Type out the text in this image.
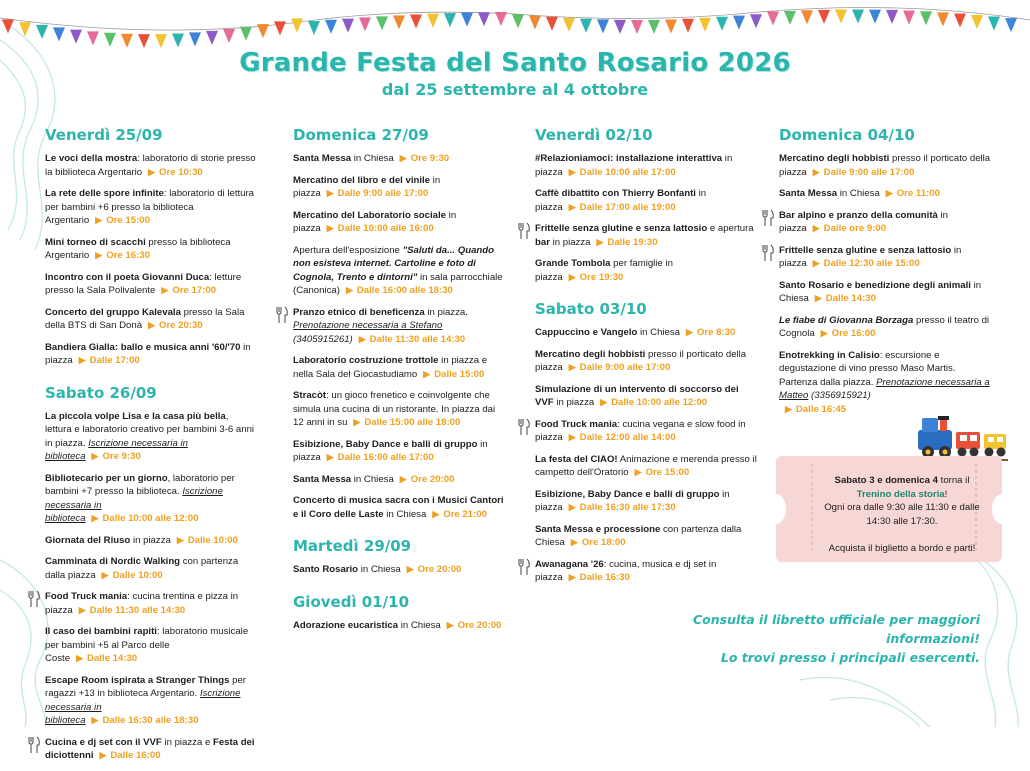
Grande Festa del Santo Rosario 2026
dal 25 settembre al 4 ottobre
Venerdì 25/09
Le voci della mostra: laboratorio di storie presso la biblioteca Argentario ▶ Ore 10:30
La rete delle spore infinite: laboratorio di lettura per bambini +6 presso la biblioteca Argentario ▶ Ore 15:00
Mini torneo di scacchi presso la biblioteca Argentario ▶ Ore 16:30
Incontro con il poeta Giovanni Duca: letture presso la Sala Polivalente ▶ Ore 17:00
Concerto del gruppo Kalevala presso la Sala della BTS di San Donà ▶ Ore 20:30
Bandiera Gialla: ballo e musica anni '60/'70 in piazza ▶ Dalle 17:00
Sabato 26/09
La piccola volpe Lisa e la casa più bella, lettura e laboratorio creativo per bambini 3-6 anni in piazza. Iscrizione necessaria in biblioteca ▶ Ore 9:30
Bibliotecario per un giorno, laboratorio per bambini +7 presso la biblioteca. Iscrizione necessaria in biblioteca ▶ Dalle 10:00 alle 12:00
Giornata del Riuso in piazza ▶ Dalle 10:00
Camminata di Nordic Walking con partenza dalla piazza ▶ Dalle 10:00
Food Truck mania: cucina trentina e pizza in piazza ▶ Dalle 11:30 alle 14:30
Il caso dei bambini rapiti: laboratorio musicale per bambini +5 al Parco delle Coste ▶ Dalle 14:30
Escape Room ispirata a Stranger Things per ragazzi +13 in biblioteca Argentario. Iscrizione necessaria in biblioteca ▶ Dalle 16:30 alle 18:30
Cucina e dj set con il VVF in piazza e Festa dei diciottenni ▶ Dalle 16:00
Domenica 27/09
Santa Messa in Chiesa ▶ Ore 9:30
Mercatino del libro e del vinile in piazza ▶ Dalle 9:00 alle 17:00
Mercatino del Laboratorio sociale in piazza ▶ Dalle 10:00 alle 16:00
Apertura dell'esposizione "Saluti da... Quando non esisteva internet. Cartoline e foto di Cognola, Trento e dintorni" in sala parrocchiale (Canonica) ▶ Dalle 16:00 alle 18:30
Pranzo etnico di beneficenza in piazza. Prenotazione necessaria a Stefano (3405915261) ▶ Dalle 11:30 alle 14:30
Laboratorio costruzione trottole in piazza e nella Sala del Giocastudiamo ▶ Dalle 15:00
Stracòt: un gioco frenetico e coinvolgente che simula una cucina di un ristorante. In piazza dai 12 anni in su ▶ Dalle 15:00 alle 18:00
Esibizione, Baby Dance e balli di gruppo in piazza ▶ Dalle 16:00 alle 17:00
Santa Messa in Chiesa ▶ Ore 20:00
Concerto di musica sacra con i Musici Cantori e il Coro delle Laste in Chiesa ▶ Ore 21:00
Martedì 29/09
Santo Rosario in Chiesa ▶ Ore 20:00
Giovedì 01/10
Adorazione eucaristica in Chiesa ▶ Ore 20:00
Venerdì 02/10
#Relazioniamoci: installazione interattiva in piazza ▶ Dalle 10:00 alle 17:00
Caffè dibattito con Thierry Bonfanti in piazza ▶ Dalle 17:00 alle 19:00
Frittelle senza glutine e senza lattosio e apertura bar in piazza ▶ Dalle 19:30
Grande Tombola per famiglie in piazza ▶ Ore 19:30
Sabato 03/10
Cappuccino e Vangelo in Chiesa ▶ Ore 8:30
Mercatino degli hobbisti presso il porticato della piazza ▶ Dalle 9:00 alle 17:00
Simulazione di un intervento di soccorso dei VVF in piazza ▶ Dalle 10:00 alle 12:00
Food Truck mania: cucina vegana e slow food in piazza ▶ Dalle 12:00 alle 14:00
La festa del CIAO! Animazione e merenda presso il campetto dell'Oratorio ▶ Ore 15:00
Esibizione, Baby Dance e balli di gruppo in piazza ▶ Dalle 16:30 alle 17:30
Santa Messa e processione con partenza dalla Chiesa ▶ Ore 18:00
Awanagana '26: cucina, musica e dj set in piazza ▶ Dalle 16:30
Domenica 04/10
Mercatino degli hobbisti presso il porticato della piazza ▶ Dalle 9:00 alle 17:00
Santa Messa in Chiesa ▶ Ore 11:00
Bar alpino e pranzo della comunità in piazza ▶ Dalle ore 9:00
Frittelle senza glutine e senza lattosio in piazza ▶ Dalle 12:30 alle 15:00
Santo Rosario e benedizione degli animali in Chiesa ▶ Dalle 14:30
Le fiabe di Giovanna Borzaga presso il teatro di Cognola ▶ Ore 16:00
Enotrekking in Calisio: escursione e degustazione di vino presso Maso Martis. Partenza dalla piazza. Prenotazione necessaria a Matteo (3356915921)
▶ Dalle 16:45
Sabato 3 e domenica 4 torna il Trenino della storia!
Ogni ora dalle 9:30 alle 11:30 e dalle 14:30 alle 17:30.

Acquista il biglietto a bordo e parti!
Consulta il libretto ufficiale per maggiori informazioni!
Lo trovi presso i principali esercenti.
